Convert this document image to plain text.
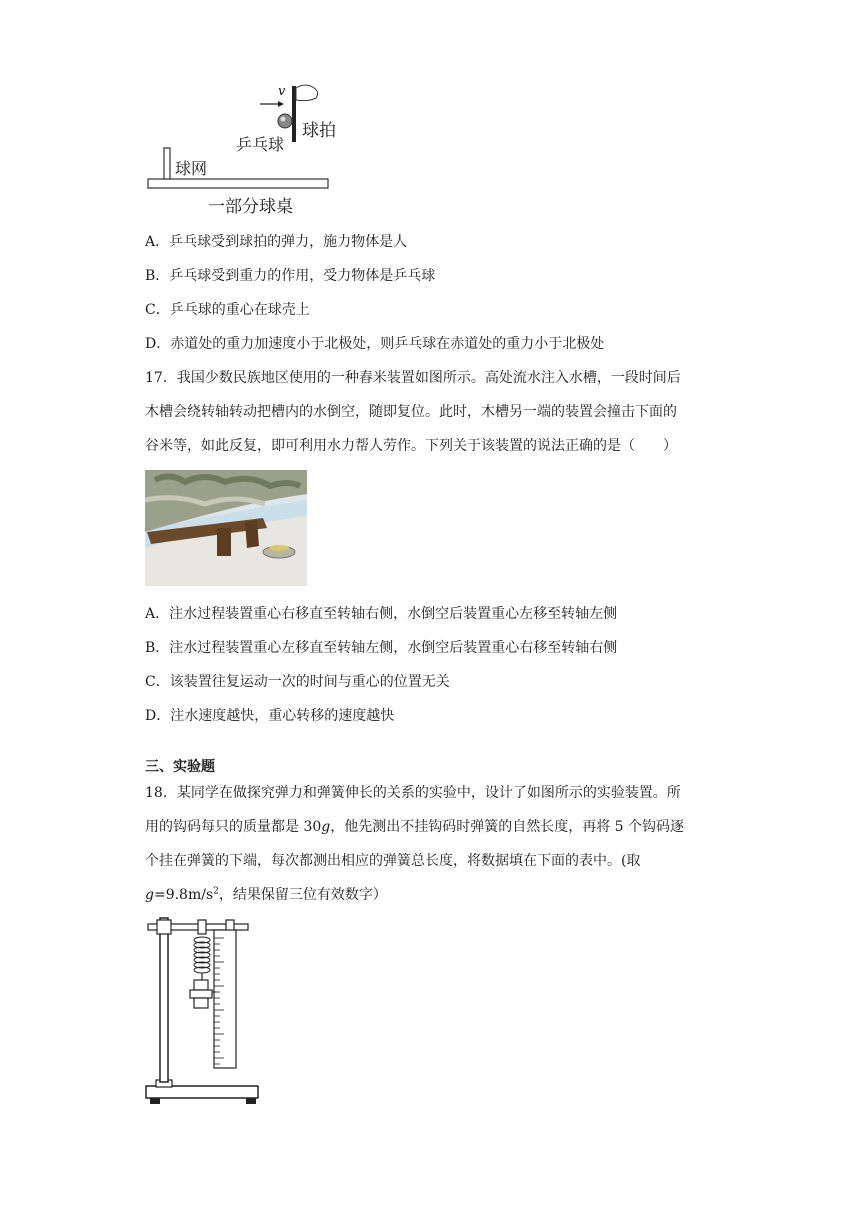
v
球拍
乒乓球
球网
一部分球桌
A．乒乓球受到球拍的弹力，施力物体是人
B．乒乓球受到重力的作用，受力物体是乒乓球
C．乒乓球的重心在球壳上
D．赤道处的重力加速度小于北极处，则乒乓球在赤道处的重力小于北极处
17．我国少数民族地区使用的一种舂米装置如图所示。高处流水注入水槽，一段时间后
木槽会绕转轴转动把槽内的水倒空，随即复位。此时，木槽另一端的装置会撞击下面的
谷米等，如此反复，即可利用水力帮人劳作。下列关于该装置的说法正确的是（　　）
A．注水过程装置重心右移直至转轴右侧，水倒空后装置重心左移至转轴左侧
B．注水过程装置重心左移直至转轴左侧，水倒空后装置重心右移至转轴右侧
C．该装置往复运动一次的时间与重心的位置无关
D．注水速度越快，重心转移的速度越快
三、实验题
18．某同学在做探究弹力和弹簧伸长的关系的实验中，设计了如图所示的实验装置。所
用的钩码每只的质量都是 30g，他先测出不挂钩码时弹簧的自然长度，再将 5 个钩码逐
个挂在弹簧的下端，每次都测出相应的弹簧总长度，将数据填在下面的表中。(取
$g=9.8m/s^2$，结果保留三位有效数字）
